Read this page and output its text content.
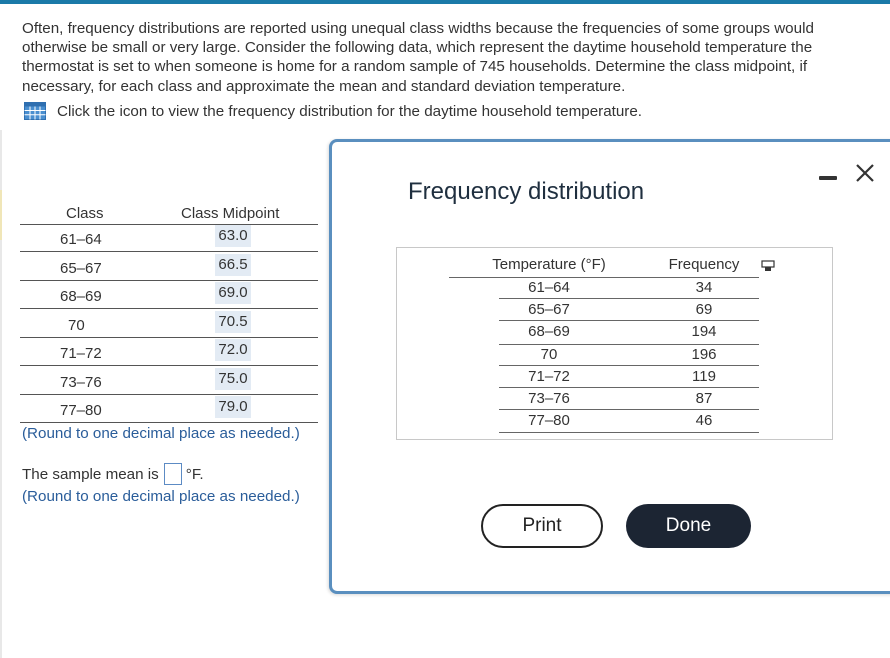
Often, frequency distributions are reported using unequal class widths because the frequencies of some groups would otherwise be small or very large. Consider the following data, which represent the daytime household temperature the thermostat is set to when someone is home for a random sample of 745 households. Determine the class midpoint, if necessary, for each class and approximate the mean and standard deviation temperature.
Click the icon to view the frequency distribution for the daytime household temperature.
Class	Class Midpoint
61–64	63.0
65–67	66.5
68–69	69.0
70	70.5
71–72	72.0
73–76	75.0
77–80	79.0
(Round to one decimal place as needed.)
The sample mean is °F.
(Round to one decimal place as needed.)
Frequency distribution
Temperature (°F)	Frequency
61–64	34
65–67	69
68–69	194
70	196
71–72	119
73–76	87
77–80	46
Print	Done
